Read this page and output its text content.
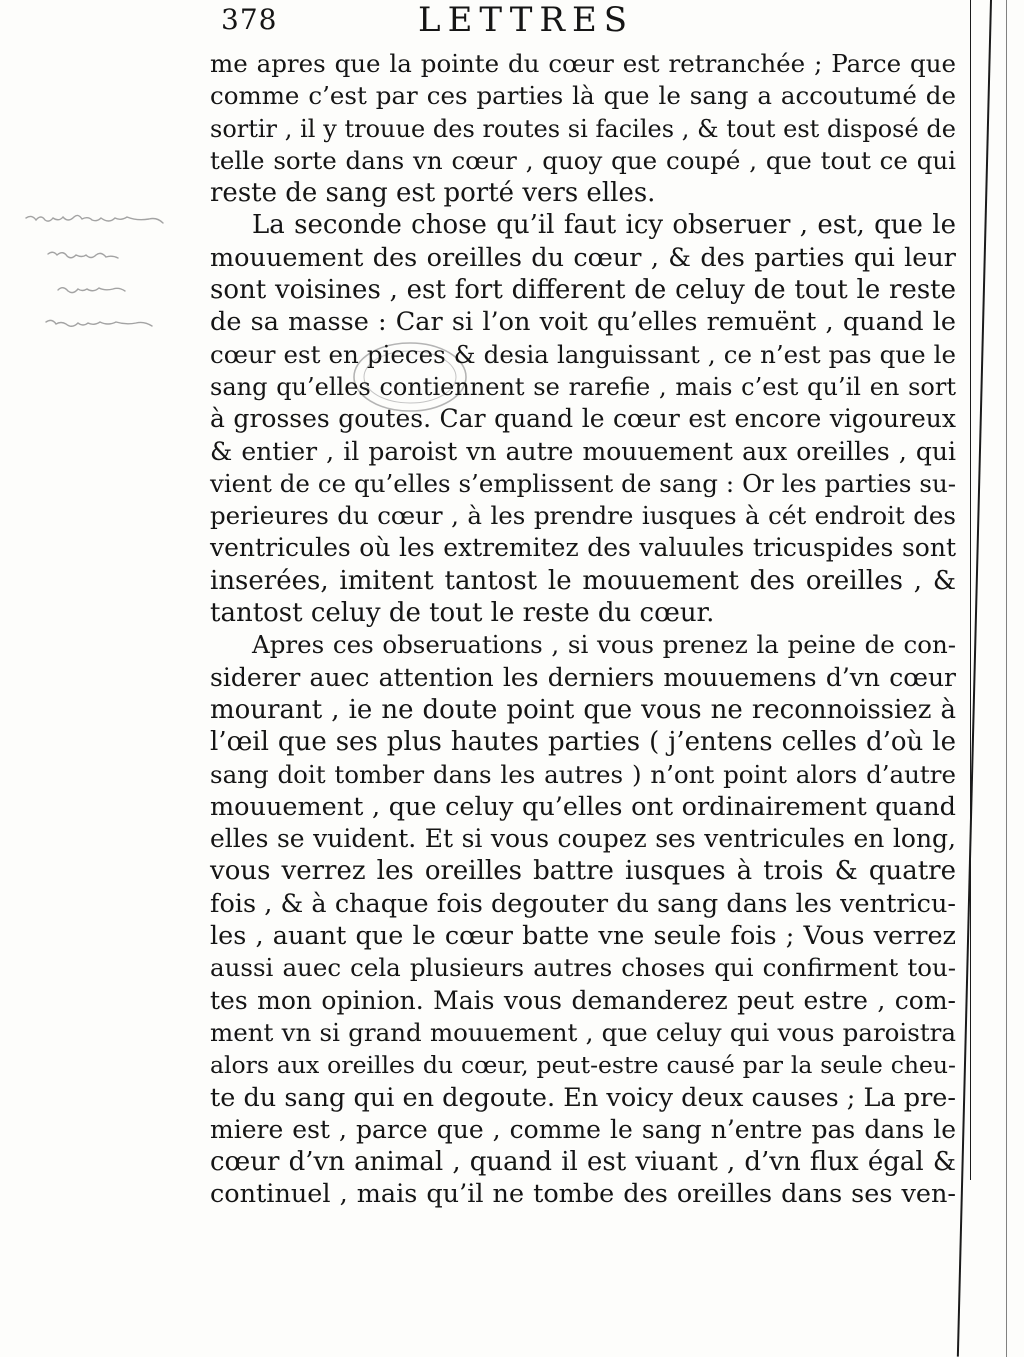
378	LETTRES
me apres que la pointe du cœur est retranchée ; Parce que
comme c’est par ces parties là que le sang a accoutumé de
sortir , il y trouue des routes si faciles , & tout est disposé de
telle sorte dans vn cœur , quoy que coupé , que tout ce qui
reste de sang est porté vers elles.
La seconde chose qu’il faut icy obseruer , est, que le
mouuement des oreilles du cœur , & des parties qui leur
sont voisines , est fort different de celuy de tout le reste
de sa masse : Car si l’on voit qu’elles remuënt , quand le
cœur est en pieces & desia languissant , ce n’est pas que le
sang qu’elles contiennent se rarefie , mais c’est qu’il en sort
à grosses goutes. Car quand le cœur est encore vigoureux
& entier , il paroist vn autre mouuement aux oreilles , qui
vient de ce qu’elles s’emplissent de sang : Or les parties su-
perieures du cœur , à les prendre iusques à cét endroit des
ventricules où les extremitez des valuules tricuspides sont
inserées, imitent tantost le mouuement des oreilles , &
tantost celuy de tout le reste du cœur.
Apres ces obseruations , si vous prenez la peine de con-
siderer auec attention les derniers mouuemens d’vn cœur
mourant , ie ne doute point que vous ne reconnoissiez à
l’œil que ses plus hautes parties ( j’entens celles d’où le
sang doit tomber dans les autres ) n’ont point alors d’autre
mouuement , que celuy qu’elles ont ordinairement quand
elles se vuident. Et si vous coupez ses ventricules en long,
vous verrez les oreilles battre iusques à trois & quatre
fois , & à chaque fois degouter du sang dans les ventricu-
les , auant que le cœur batte vne seule fois ; Vous verrez
aussi auec cela plusieurs autres choses qui confirment tou-
tes mon opinion. Mais vous demanderez peut estre , com-
ment vn si grand mouuement , que celuy qui vous paroistra
alors aux oreilles du cœur, peut-estre causé par la seule cheu-
te du sang qui en degoute. En voicy deux causes ; La pre-
miere est , parce que , comme le sang n’entre pas dans le
cœur d’vn animal , quand il est viuant , d’vn flux égal &
continuel , mais qu’il ne tombe des oreilles dans ses ven-
